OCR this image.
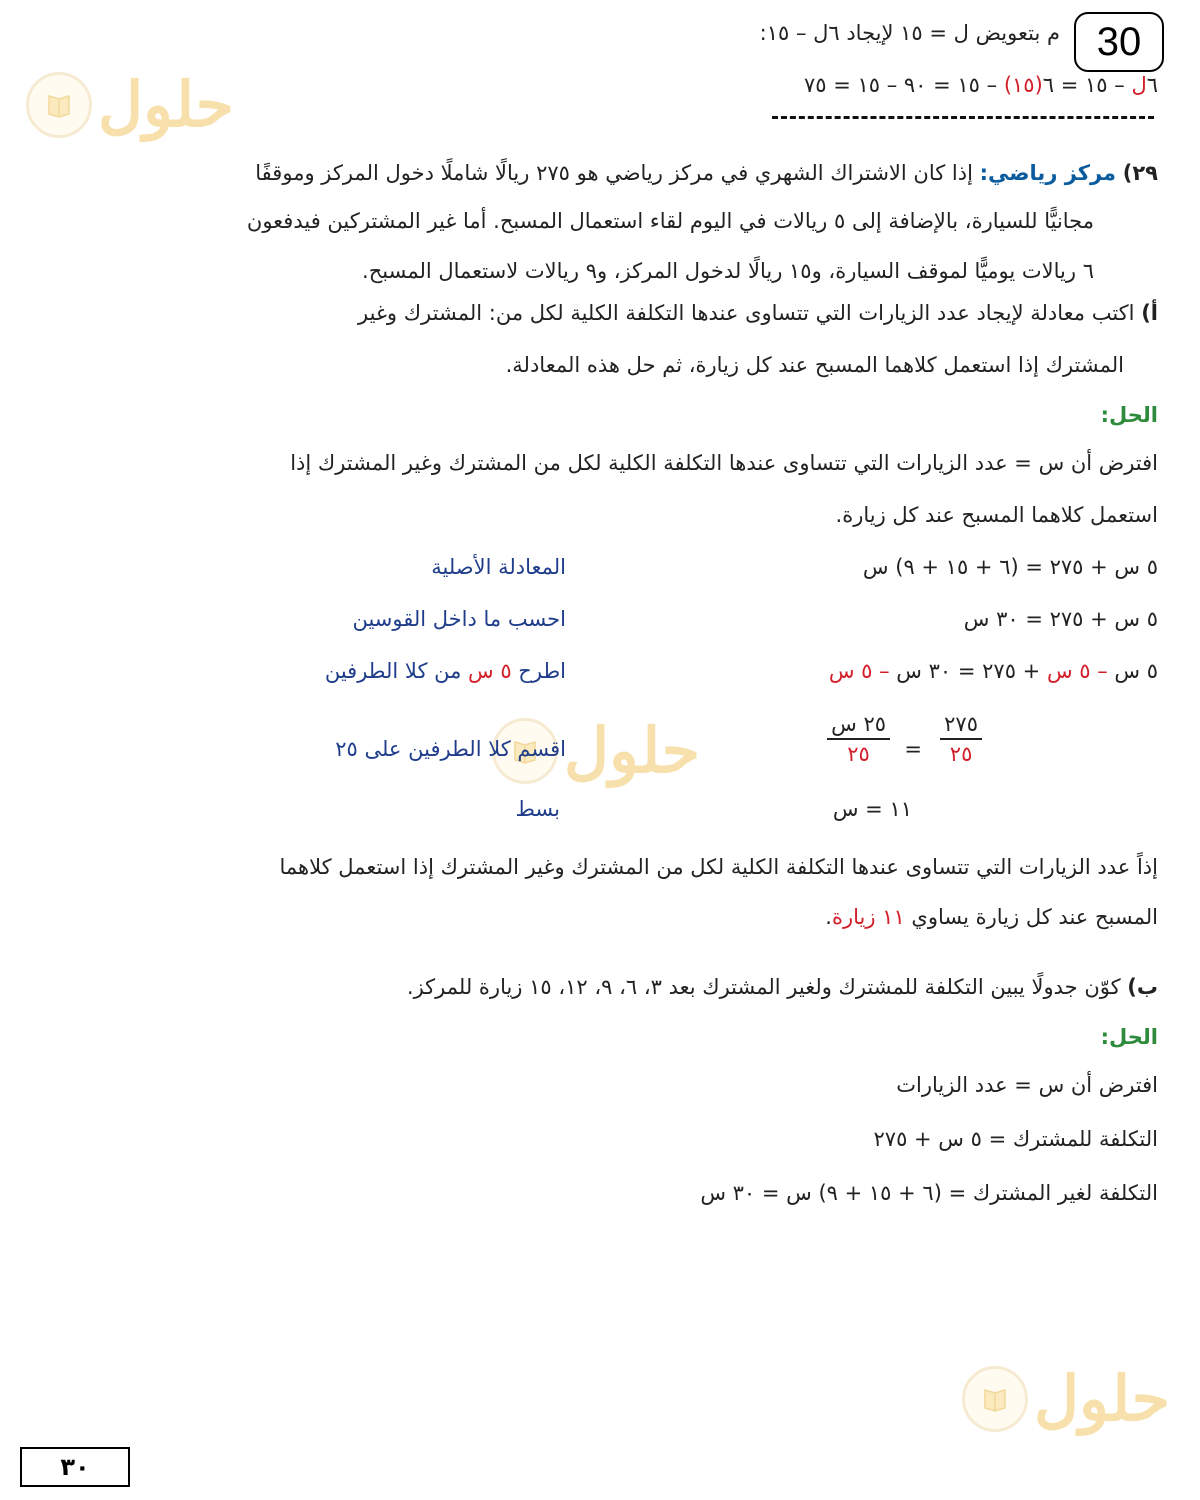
حلول
حلول
حلول
30
م بتعويض ل = ١٥ لإيجاد ٦ل – ١٥:
٦ل – ١٥ = ٦(١٥) – ١٥ = ٩٠ – ١٥ = ٧٥
٢٩) مركز رياضي: إذا كان الاشتراك الشهري في مركز رياضي هو ٢٧٥ ريالًا شاملًا دخول المركز وموقفًا
مجانيًّا للسيارة، بالإضافة إلى ٥ ريالات في اليوم لقاء استعمال المسبح. أما غير المشتركين فيدفعون
٦ ريالات يوميًّا لموقف السيارة، و١٥ ريالًا لدخول المركز، و٩ ريالات لاستعمال المسبح.
أ) اكتب معادلة لإيجاد عدد الزيارات التي تتساوى عندها التكلفة الكلية لكل من: المشترك وغير
المشترك إذا استعمل كلاهما المسبح عند كل زيارة، ثم حل هذه المعادلة.
الحل:
افترض أن س = عدد الزيارات التي تتساوى عندها التكلفة الكلية لكل من المشترك وغير المشترك إذا
استعمل كلاهما المسبح عند كل زيارة.
٥ س + ٢٧٥ = (٦ + ١٥ + ٩) س
المعادلة الأصلية
٥ س + ٢٧٥ = ٣٠ س
احسب ما داخل القوسين
٥ س – ٥ س + ٢٧٥ = ٣٠ س – ٥ س
اطرح ٥ س من كلا الطرفين
٢٧٥
٢٥
=
٢٥ س
٢٥
اقسم كلا الطرفين على ٢٥
١١ = س
بسط
إذاً عدد الزيارات التي تتساوى عندها التكلفة الكلية لكل من المشترك وغير المشترك إذا استعمل كلاهما
المسبح عند كل زيارة يساوي ١١ زيارة.
ب) كوّن جدولًا يبين التكلفة للمشترك ولغير المشترك بعد ٣، ٦، ٩، ١٢، ١٥ زيارة للمركز.
الحل:
افترض أن س = عدد الزيارات
التكلفة للمشترك = ٥ س + ٢٧٥
التكلفة لغير المشترك = (٦ + ١٥ + ٩) س = ٣٠ س
٣٠
